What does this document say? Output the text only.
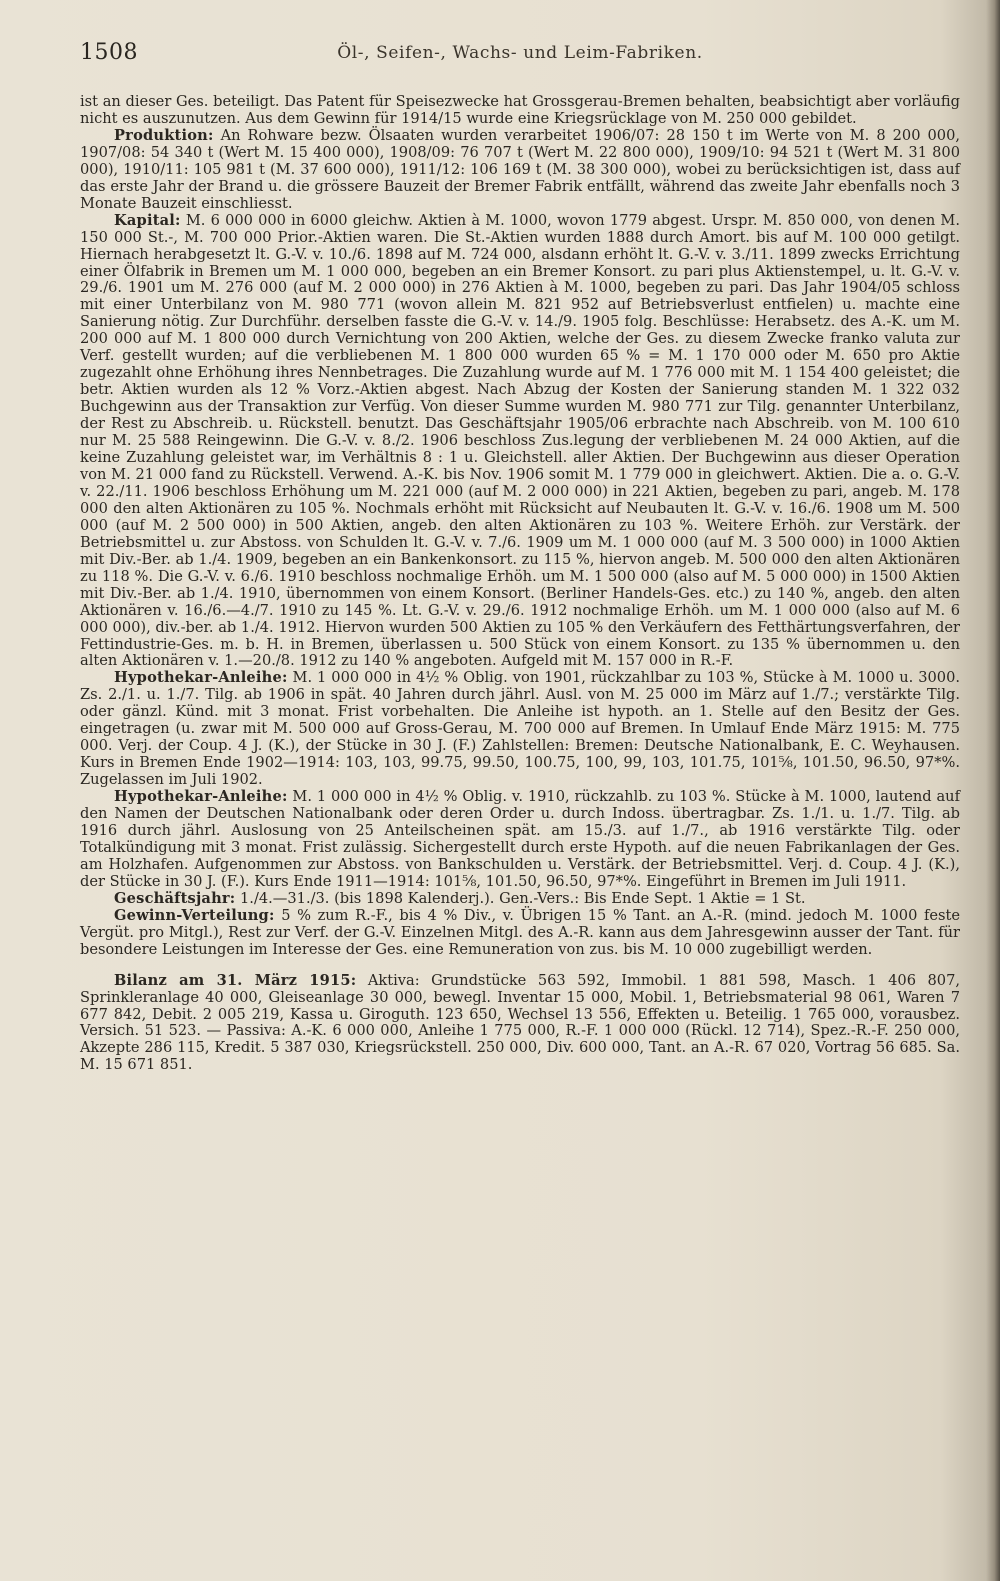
1508	Öl-, Seifen-, Wachs- und Leim-Fabriken.

ist an dieser Ges. beteiligt. Das Patent für Speisezwecke hat Grossgerau-Bremen behalten, beabsichtigt aber vorläufig nicht es auszunutzen. Aus dem Gewinn für 1914/15 wurde eine Kriegsrücklage von M. 250 000 gebildet.

Produktion: An Rohware bezw. Ölsaaten wurden verarbeitet 1906/07: 28 150 t im Werte von M. 8 200 000, 1907/08: 54 340 t (Wert M. 15 400 000), 1908/09: 76 707 t (Wert M. 22 800 000), 1909/10: 94 521 t (Wert M. 31 800 000), 1910/11: 105 981 t (M. 37 600 000), 1911/12: 106 169 t (M. 38 300 000), wobei zu berücksichtigen ist, dass auf das erste Jahr der Brand u. die grössere Bauzeit der Bremer Fabrik entfällt, während das zweite Jahr ebenfalls noch 3 Monate Bauzeit einschliesst.

Kapital: M. 6 000 000 in 6000 gleichw. Aktien à M. 1000, wovon 1779 abgest. Urspr. M. 850 000, von denen M. 150 000 St.-, M. 700 000 Prior.-Aktien waren. Die St.-Aktien wurden 1888 durch Amort. bis auf M. 100 000 getilgt. Hiernach herabgesetzt lt. G.-V. v. 10./6. 1898 auf M. 724 000, alsdann erhöht lt. G.-V. v. 3./11. 1899 zwecks Errichtung einer Ölfabrik in Bremen um M. 1 000 000, begeben an ein Bremer Konsort. zu pari plus Aktienstempel, u. lt. G.-V. v. 29./6. 1901 um M. 276 000 (auf M. 2 000 000) in 276 Aktien à M. 1000, begeben zu pari. Das Jahr 1904/05 schloss mit einer Unterbilanz von M. 980 771 (wovon allein M. 821 952 auf Betriebsverlust entfielen) u. machte eine Sanierung nötig. Zur Durchführ. derselben fasste die G.-V. v. 14./9. 1905 folg. Beschlüsse: Herabsetz. des A.-K. um M. 200 000 auf M. 1 800 000 durch Vernichtung von 200 Aktien, welche der Ges. zu diesem Zwecke franko valuta zur Verf. gestellt wurden; auf die verbliebenen M. 1 800 000 wurden 65 % = M. 1 170 000 oder M. 650 pro Aktie zugezahlt ohne Erhöhung ihres Nennbetrages. Die Zuzahlung wurde auf M. 1 776 000 mit M. 1 154 400 geleistet; die betr. Aktien wurden als 12 % Vorz.-Aktien abgest. Nach Abzug der Kosten der Sanierung standen M. 1 322 032 Buchgewinn aus der Transaktion zur Verfüg. Von dieser Summe wurden M. 980 771 zur Tilg. genannter Unterbilanz, der Rest zu Abschreib. u. Rückstell. benutzt. Das Geschäftsjahr 1905/06 erbrachte nach Abschreib. von M. 100 610 nur M. 25 588 Reingewinn. Die G.-V. v. 8./2. 1906 beschloss Zus.legung der verbliebenen M. 24 000 Aktien, auf die keine Zuzahlung geleistet war, im Verhältnis 8 : 1 u. Gleichstell. aller Aktien. Der Buchgewinn aus dieser Operation von M. 21 000 fand zu Rückstell. Verwend. A.-K. bis Nov. 1906 somit M. 1 779 000 in gleichwert. Aktien. Die a. o. G.-V. v. 22./11. 1906 beschloss Erhöhung um M. 221 000 (auf M. 2 000 000) in 221 Aktien, begeben zu pari, angeb. M. 178 000 den alten Aktionären zu 105 %. Nochmals erhöht mit Rücksicht auf Neubauten lt. G.-V. v. 16./6. 1908 um M. 500 000 (auf M. 2 500 000) in 500 Aktien, angeb. den alten Aktionären zu 103 %. Weitere Erhöh. zur Verstärk. der Betriebsmittel u. zur Abstoss. von Schulden lt. G.-V. v. 7./6. 1909 um M. 1 000 000 (auf M. 3 500 000) in 1000 Aktien mit Div.-Ber. ab 1./4. 1909, begeben an ein Bankenkonsort. zu 115 %, hiervon angeb. M. 500 000 den alten Aktionären zu 118 %. Die G.-V. v. 6./6. 1910 beschloss nochmalige Erhöh. um M. 1 500 000 (also auf M. 5 000 000) in 1500 Aktien mit Div.-Ber. ab 1./4. 1910, übernommen von einem Konsort. (Berliner Handels-Ges. etc.) zu 140 %, angeb. den alten Aktionären v. 16./6.—4./7. 1910 zu 145 %. Lt. G.-V. v. 29./6. 1912 nochmalige Erhöh. um M. 1 000 000 (also auf M. 6 000 000), div.-ber. ab 1./4. 1912. Hiervon wurden 500 Aktien zu 105 % den Verkäufern des Fetthärtungsverfahren, der Fettindustrie-Ges. m. b. H. in Bremen, überlassen u. 500 Stück von einem Konsort. zu 135 % übernommen u. den alten Aktionären v. 1.—20./8. 1912 zu 140 % angeboten. Aufgeld mit M. 157 000 in R.-F.

Hypothekar-Anleihe: M. 1 000 000 in 4½ % Oblig. von 1901, rückzahlbar zu 103 %, Stücke à M. 1000 u. 3000. Zs. 2./1. u. 1./7. Tilg. ab 1906 in spät. 40 Jahren durch jährl. Ausl. von M. 25 000 im März auf 1./7.; verstärkte Tilg. oder gänzl. Künd. mit 3 monat. Frist vorbehalten. Die Anleihe ist hypoth. an 1. Stelle auf den Besitz der Ges. eingetragen (u. zwar mit M. 500 000 auf Gross-Gerau, M. 700 000 auf Bremen. In Umlauf Ende März 1915: M. 775 000. Verj. der Coup. 4 J. (K.), der Stücke in 30 J. (F.) Zahlstellen: Bremen: Deutsche Nationalbank, E. C. Weyhausen. Kurs in Bremen Ende 1902—1914: 103, 103, 99.75, 99.50, 100.75, 100, 99, 103, 101.75, 101⅝, 101.50, 96.50, 97*%. Zugelassen im Juli 1902.

Hypothekar-Anleihe: M. 1 000 000 in 4½ % Oblig. v. 1910, rückzahlb. zu 103 %. Stücke à M. 1000, lautend auf den Namen der Deutschen Nationalbank oder deren Order u. durch Indoss. übertragbar. Zs. 1./1. u. 1./7. Tilg. ab 1916 durch jährl. Auslosung von 25 Anteilscheinen spät. am 15./3. auf 1./7., ab 1916 verstärkte Tilg. oder Totalkündigung mit 3 monat. Frist zulässig. Sichergestellt durch erste Hypoth. auf die neuen Fabrikanlagen der Ges. am Holzhafen. Aufgenommen zur Abstoss. von Bankschulden u. Verstärk. der Betriebsmittel. Verj. d. Coup. 4 J. (K.), der Stücke in 30 J. (F.). Kurs Ende 1911—1914: 101⅝, 101.50, 96.50, 97*%. Eingeführt in Bremen im Juli 1911.

Geschäftsjahr: 1./4.—31./3. (bis 1898 Kalenderj.). Gen.-Vers.: Bis Ende Sept. 1 Aktie = 1 St.

Gewinn-Verteilung: 5 % zum R.-F., bis 4 % Div., v. Übrigen 15 % Tant. an A.-R. (mind. jedoch M. 1000 feste Vergüt. pro Mitgl.), Rest zur Verf. der G.-V. Einzelnen Mitgl. des A.-R. kann aus dem Jahresgewinn ausser der Tant. für besondere Leistungen im Interesse der Ges. eine Remuneration von zus. bis M. 10 000 zugebilligt werden.

Bilanz am 31. März 1915: Aktiva: Grundstücke 563 592, Immobil. 1 881 598, Masch. 1 406 807, Sprinkleranlage 40 000, Gleiseanlage 30 000, bewegl. Inventar 15 000, Mobil. 1, Betriebsmaterial 98 061, Waren 7 677 842, Debit. 2 005 219, Kassa u. Giroguth. 123 650, Wechsel 13 556, Effekten u. Beteilig. 1 765 000, vorausbez. Versich. 51 523. — Passiva: A.-K. 6 000 000, Anleihe 1 775 000, R.-F. 1 000 000 (Rückl. 12 714), Spez.-R.-F. 250 000, Akzepte 286 115, Kredit. 5 387 030, Kriegsrückstell. 250 000, Div. 600 000, Tant. an A.-R. 67 020, Vortrag 56 685. Sa. M. 15 671 851.
